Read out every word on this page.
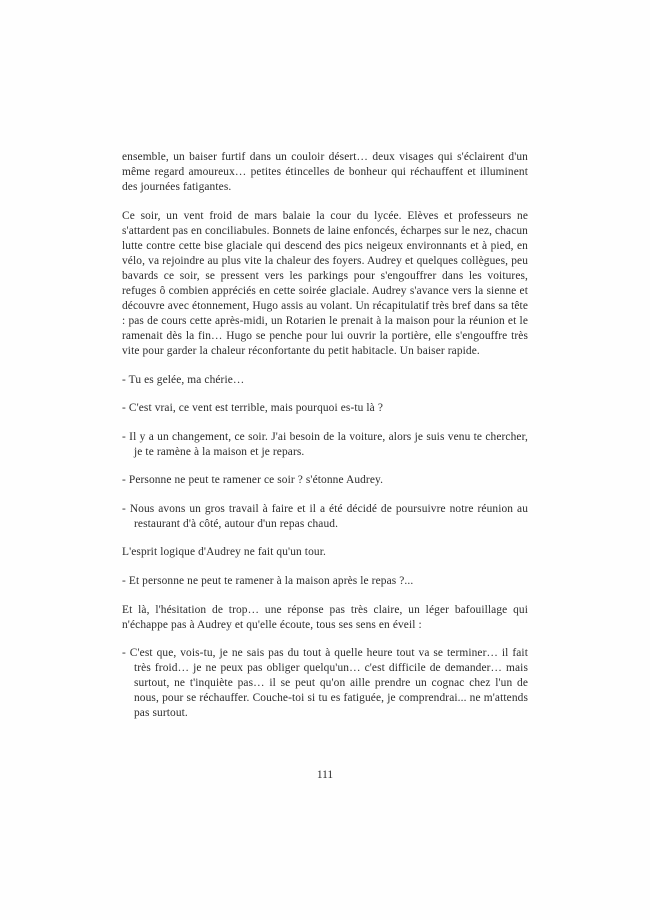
ensemble, un baiser furtif dans un couloir désert… deux visages qui s'éclairent d'un même regard amoureux… petites étincelles de bonheur qui réchauffent et illuminent des journées fatigantes.

Ce soir, un vent froid de mars balaie la cour du lycée. Elèves et professeurs ne s'attardent pas en conciliabules. Bonnets de laine enfoncés, écharpes sur le nez, chacun lutte contre cette bise glaciale qui descend des pics neigeux environnants et à pied, en vélo, va rejoindre au plus vite la chaleur des foyers. Audrey et quelques collègues, peu bavards ce soir, se pressent vers les parkings pour s'engouffrer dans les voitures, refuges ô combien appréciés en cette soirée glaciale. Audrey s'avance vers la sienne et découvre avec étonnement, Hugo assis au volant. Un récapitulatif très bref dans sa tête : pas de cours cette après-midi, un Rotarien le prenait à la maison pour la réunion et le ramenait dès la fin… Hugo se penche pour lui ouvrir la portière, elle s'engouffre très vite pour garder la chaleur réconfortante du petit habitacle. Un baiser rapide.

- Tu es gelée, ma chérie…

- C'est vrai, ce vent est terrible, mais pourquoi es-tu là ?

- Il y a un changement, ce soir. J'ai besoin de la voiture, alors je suis venu te chercher, je te ramène à la maison et je repars.

- Personne ne peut te ramener ce soir ? s'étonne Audrey.

- Nous avons un gros travail à faire et il a été décidé de poursuivre notre réunion au restaurant d'à côté, autour d'un repas chaud.

L'esprit logique d'Audrey ne fait qu'un tour.

- Et personne ne peut te ramener à la maison après le repas ?...

Et là, l'hésitation de trop… une réponse pas très claire, un léger bafouillage qui n'échappe pas à Audrey et qu'elle écoute, tous ses sens en éveil :

- C'est que, vois-tu, je ne sais pas du tout à quelle heure tout va se terminer… il fait très froid… je ne peux pas obliger quelqu'un… c'est difficile de demander… mais surtout, ne t'inquiète pas… il se peut qu'on aille prendre un cognac chez l'un de nous, pour se réchauffer. Couche-toi si tu es fatiguée, je comprendrai... ne m'attends pas surtout.

111
